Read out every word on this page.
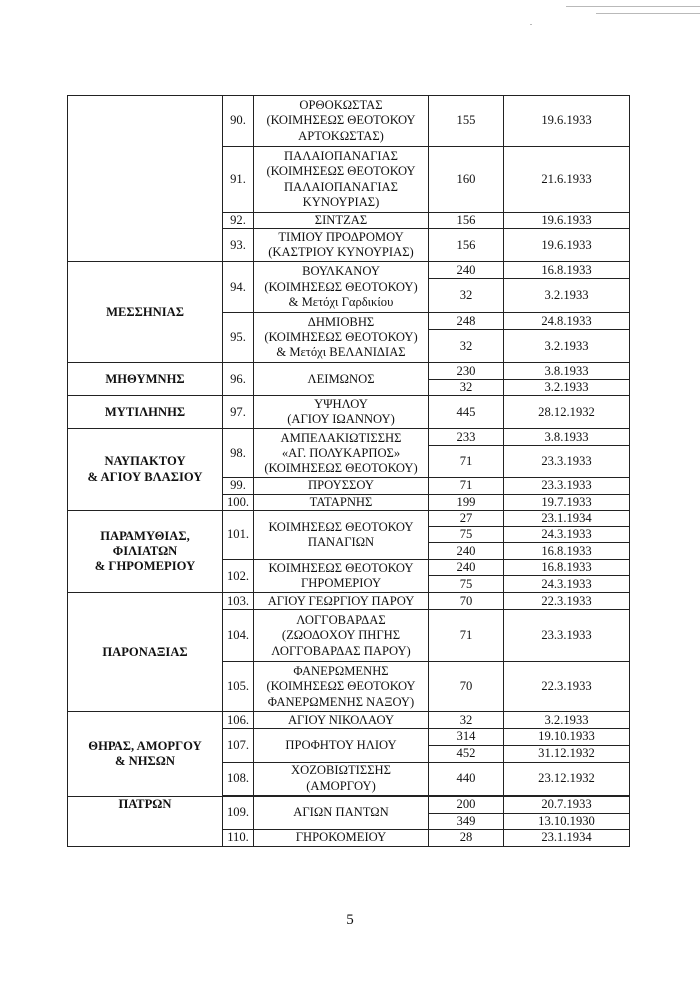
	90.	ΟΡΘΟΚΩΣΤΑΣ
(ΚΟΙΜΗΣΕΩΣ ΘΕΟΤΟΚΟΥ
ΑΡΤΟΚΩΣΤΑΣ)	155	19.6.1933
	91.	ΠΑΛΑΙΟΠΑΝΑΓΙΑΣ
(ΚΟΙΜΗΣΕΩΣ ΘΕΟΤΟΚΟΥ
ΠΑΛΑΙΟΠΑΝΑΓΙΑΣ
ΚΥΝΟΥΡΙΑΣ)	160	21.6.1933
	92.	ΣΙΝΤΖΑΣ	156	19.6.1933
	93.	ΤΙΜΙΟΥ ΠΡΟΔΡΟΜΟΥ
(ΚΑΣΤΡΙΟΥ ΚΥΝΟΥΡΙΑΣ)	156	19.6.1933
ΜΕΣΣΗΝΙΑΣ	94.	ΒΟΥΛΚΑΝΟΥ
(ΚΟΙΜΗΣΕΩΣ ΘΕΟΤΟΚΟΥ)
& Μετόχι Γαρδικίου	240	16.8.1933
			32	3.2.1933
	95.	ΔΗΜΙΟΒΗΣ
(ΚΟΙΜΗΣΕΩΣ ΘΕΟΤΟΚΟΥ)
& Μετόχι ΒΕΛΑΝΙΔΙΑΣ	248	24.8.1933
			32	3.2.1933
ΜΗΘΥΜΝΗΣ	96.	ΛΕΙΜΩΝΟΣ	230	3.8.1933
			32	3.2.1933
ΜΥΤΙΛΗΝΗΣ	97.	ΥΨΗΛΟΥ
(ΑΓΙΟΥ ΙΩΑΝΝΟΥ)	445	28.12.1932
ΝΑΥΠΑΚΤΟΥ
& ΑΓΙΟΥ ΒΛΑΣΙΟΥ	98.	ΑΜΠΕΛΑΚΙΩΤΙΣΣΗΣ
«ΑΓ. ΠΟΛΥΚΑΡΠΟΣ»
(ΚΟΙΜΗΣΕΩΣ ΘΕΟΤΟΚΟΥ)	233	3.8.1933
			71	23.3.1933
	99.	ΠΡΟΥΣΣΟΥ	71	23.3.1933
	100.	ΤΑΤΑΡΝΗΣ	199	19.7.1933
ΠΑΡΑΜΥΘΙΑΣ,
ΦΙΛΙΑΤΩΝ
& ΓΗΡΟΜΕΡΙΟΥ	101.	ΚΟΙΜΗΣΕΩΣ ΘΕΟΤΟΚΟΥ
ΠΑΝΑΓΙΩΝ	27	23.1.1934
			75	24.3.1933
			240	16.8.1933
	102.	ΚΟΙΜΗΣΕΩΣ ΘΕΟΤΟΚΟΥ
ΓΗΡΟΜΕΡΙΟΥ	240	16.8.1933
			75	24.3.1933
ΠΑΡΟΝΑΞΙΑΣ	103.	ΑΓΙΟΥ ΓΕΩΡΓΙΟΥ ΠΑΡΟΥ	70	22.3.1933
	104.	ΛΟΓΓΟΒΑΡΔΑΣ
(ΖΩΟΔΟΧΟΥ ΠΗΓΗΣ
ΛΟΓΓΟΒΑΡΔΑΣ ΠΑΡΟΥ)	71	23.3.1933
	105.	ΦΑΝΕΡΩΜΕΝΗΣ
(ΚΟΙΜΗΣΕΩΣ ΘΕΟΤΟΚΟΥ
ΦΑΝΕΡΩΜΕΝΗΣ ΝΑΞΟΥ)	70	22.3.1933
ΘΗΡΑΣ, ΑΜΟΡΓΟΥ
& ΝΗΣΩΝ	106.	ΑΓΙΟΥ ΝΙΚΟΛΑΟΥ	32	3.2.1933
	107.	ΠΡΟΦΗΤΟΥ ΗΛΙΟΥ	314	19.10.1933
			452	31.12.1932
	108.	ΧΟΖΟΒΙΩΤΙΣΣΗΣ
(ΑΜΟΡΓΟΥ)	440	23.12.1932

ΠΑΤΡΩΝ	109.	ΑΓΙΩΝ ΠΑΝΤΩΝ	200	20.7.1933
			349	13.10.1930
	110.	ΓΗΡΟΚΟΜΕΙΟΥ	28	23.1.1934
5
